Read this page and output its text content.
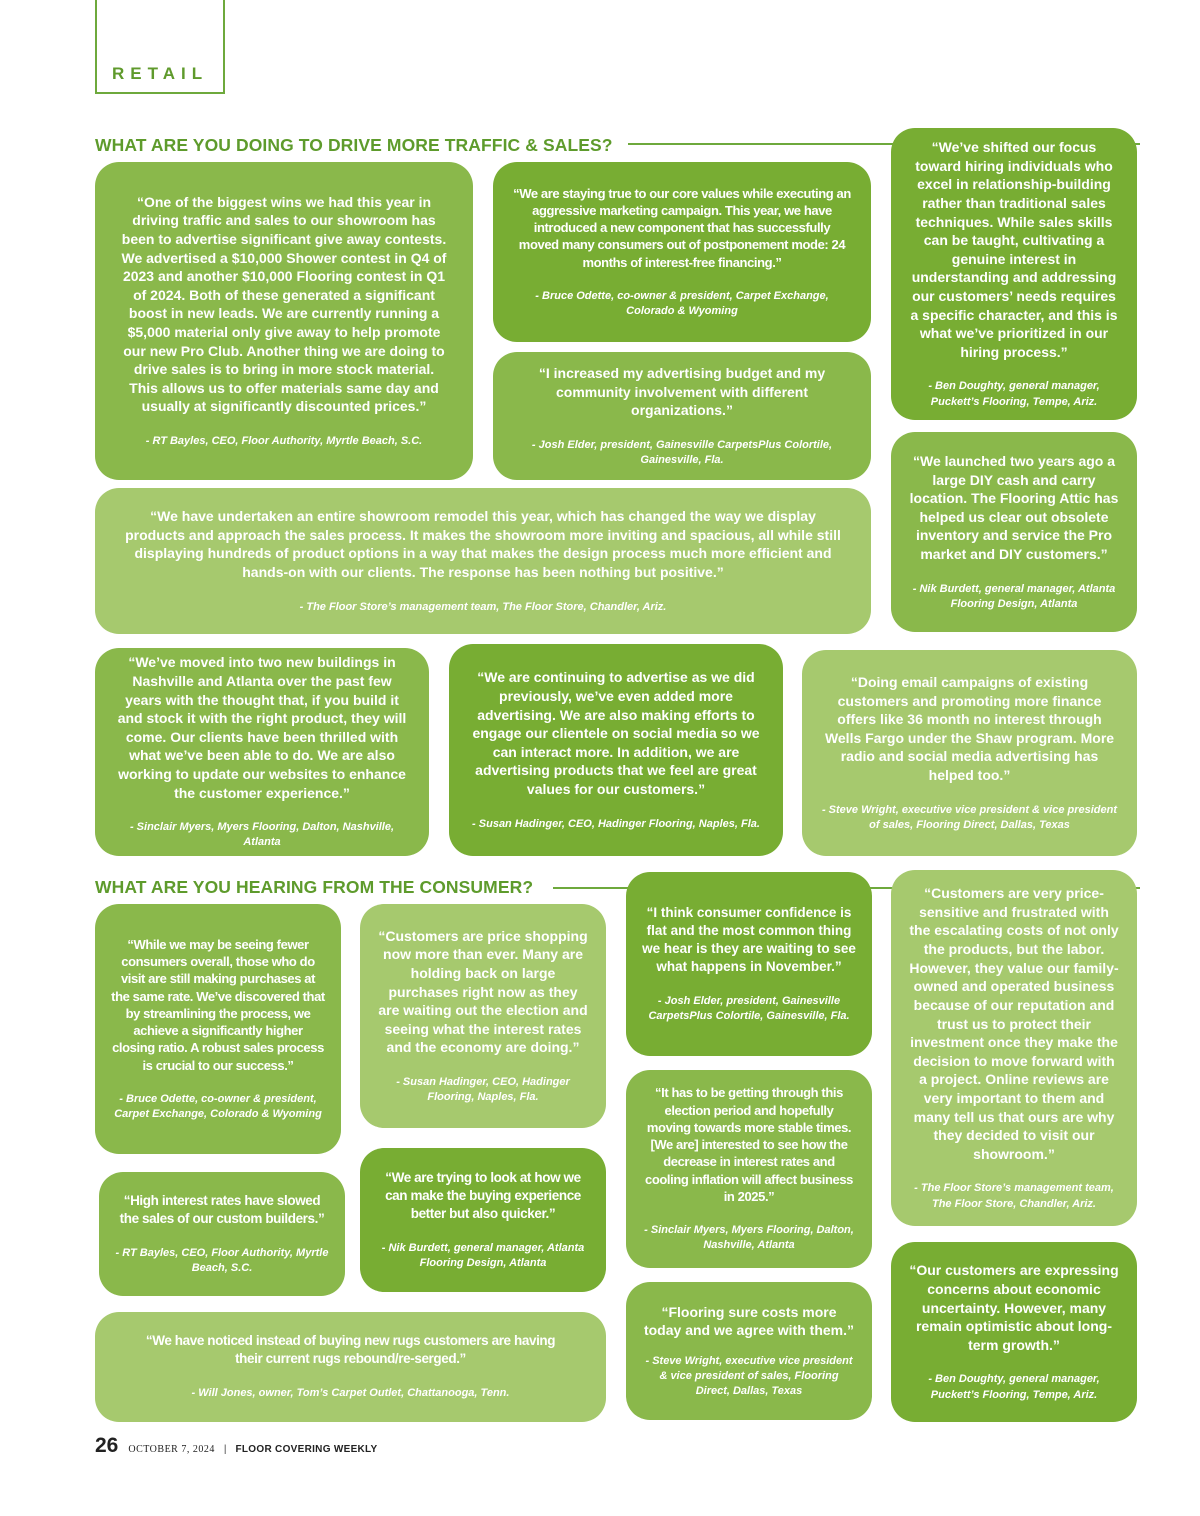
RETAIL
WHAT ARE YOU DOING TO DRIVE MORE TRAFFIC & SALES?

“One of the biggest wins we had this year in driving traffic and sales to our showroom has been to advertise significant give away contests. We advertised a $10,000 Shower contest in Q4 of 2023 and another $10,000 Flooring contest in Q1 of 2024. Both of these generated a significant boost in new leads. We are currently running a $5,000 material only give away to help promote our new Pro Club. Another thing we are doing to drive sales is to bring in more stock material. This allows us to offer materials same day and usually at significantly discounted prices.”

- RT Bayles, CEO, Floor Authority, Myrtle Beach, S.C.

“We are staying true to our core values while executing an aggressive marketing campaign. This year, we have introduced a new component that has successfully moved many consumers out of postponement mode: 24 months of interest-free financing.”

- Bruce Odette, co-owner & president, Carpet Exchange, Colorado & Wyoming

“We’ve shifted our focus toward hiring individuals who excel in relationship-building rather than traditional sales techniques. While sales skills can be taught, cultivating a genuine interest in understanding and addressing our customers’ needs requires a specific character, and this is what we’ve prioritized in our hiring process.”

- Ben Doughty, general manager, Puckett’s Flooring, Tempe, Ariz.

“I increased my advertising budget and my community involvement with different organizations.”

- Josh Elder, president, Gainesville CarpetsPlus Colortile, Gainesville, Fla.	“We launched two years ago a large DIY cash and carry location. The Flooring Attic has helped us clear out obsolete inventory and service the Pro market and DIY customers.”

- Nik Burdett, general manager, Atlanta Flooring Design, Atlanta

“We have undertaken an entire showroom remodel this year, which has changed the way we display products and approach the sales process. It makes the showroom more inviting and spacious, all while still displaying hundreds of product options in a way that makes the design process much more efficient and hands-on with our clients. The response has been nothing but positive.”

- The Floor Store’s management team, The Floor Store, Chandler, Ariz.

“We’ve moved into two new buildings in Nashville and Atlanta over the past few years with the thought that, if you build it and stock it with the right product, they will come. Our clients have been thrilled with what we’ve been able to do. We are also working to update our websites to enhance the customer experience.”

- Sinclair Myers, Myers Flooring, Dalton, Nashville, Atlanta

“We are continuing to advertise as we did previously, we’ve even added more advertising. We are also making efforts to engage our clientele on social media so we can interact more. In addition, we are advertising products that we feel are great values for our customers.”

- Susan Hadinger, CEO, Hadinger Flooring, Naples, Fla.

“Doing email campaigns of existing customers and promoting more finance offers like 36 month no interest through Wells Fargo under the Shaw program. More radio and social media advertising has helped too.”

- Steve Wright, executive vice president & vice president of sales, Flooring Direct, Dallas, Texas
WHAT ARE YOU HEARING FROM THE CONSUMER?

“While we may be seeing fewer consumers overall, those who do visit are still making purchases at the same rate. We’ve discovered that by streamlining the process, we achieve a significantly higher closing ratio. A robust sales process is crucial to our success.”

- Bruce Odette, co-owner & president, Carpet Exchange, Colorado & Wyoming

“Customers are price shopping now more than ever. Many are holding back on large purchases right now as they are waiting out the election and seeing what the interest rates and the economy are doing.”

- Susan Hadinger, CEO, Hadinger Flooring, Naples, Fla.

“I think consumer confidence is flat and the most common thing we hear is they are waiting to see what happens in November.”

- Josh Elder, president, Gainesville CarpetsPlus Colortile, Gainesville, Fla.

“Customers are very price-sensitive and frustrated with the escalating costs of not only the products, but the labor. However, they value our family-owned and operated business because of our reputation and trust us to protect their investment once they make the decision to move forward with a project. Online reviews are very important to them and many tell us that ours are why they decided to visit our showroom.”

- The Floor Store’s management team, The Floor Store, Chandler, Ariz.

“It has to be getting through this election period and hopefully moving towards more stable times. [We are] interested to see how the decrease in interest rates and cooling inflation will affect business in 2025.”

- Sinclair Myers, Myers Flooring, Dalton, Nashville, Atlanta

“High interest rates have slowed the sales of our custom builders.”

- RT Bayles, CEO, Floor Authority, Myrtle Beach, S.C.

“We are trying to look at how we can make the buying experience better but also quicker.”

- Nik Burdett, general manager, Atlanta Flooring Design, Atlanta	“Our customers are expressing concerns about economic uncertainty. However, many remain optimistic about long-term growth.”

- Ben Doughty, general manager, Puckett’s Flooring, Tempe, Ariz.

“Flooring sure costs more today and we agree with them.”

- Steve Wright, executive vice president & vice president of sales, Flooring Direct, Dallas, Texas

“We have noticed instead of buying new rugs customers are having their current rugs rebound/re-serged.”

- Will Jones, owner, Tom’s Carpet Outlet, Chattanooga, Tenn.
26 OCTOBER 7, 2024 | FLOOR COVERING WEEKLY
